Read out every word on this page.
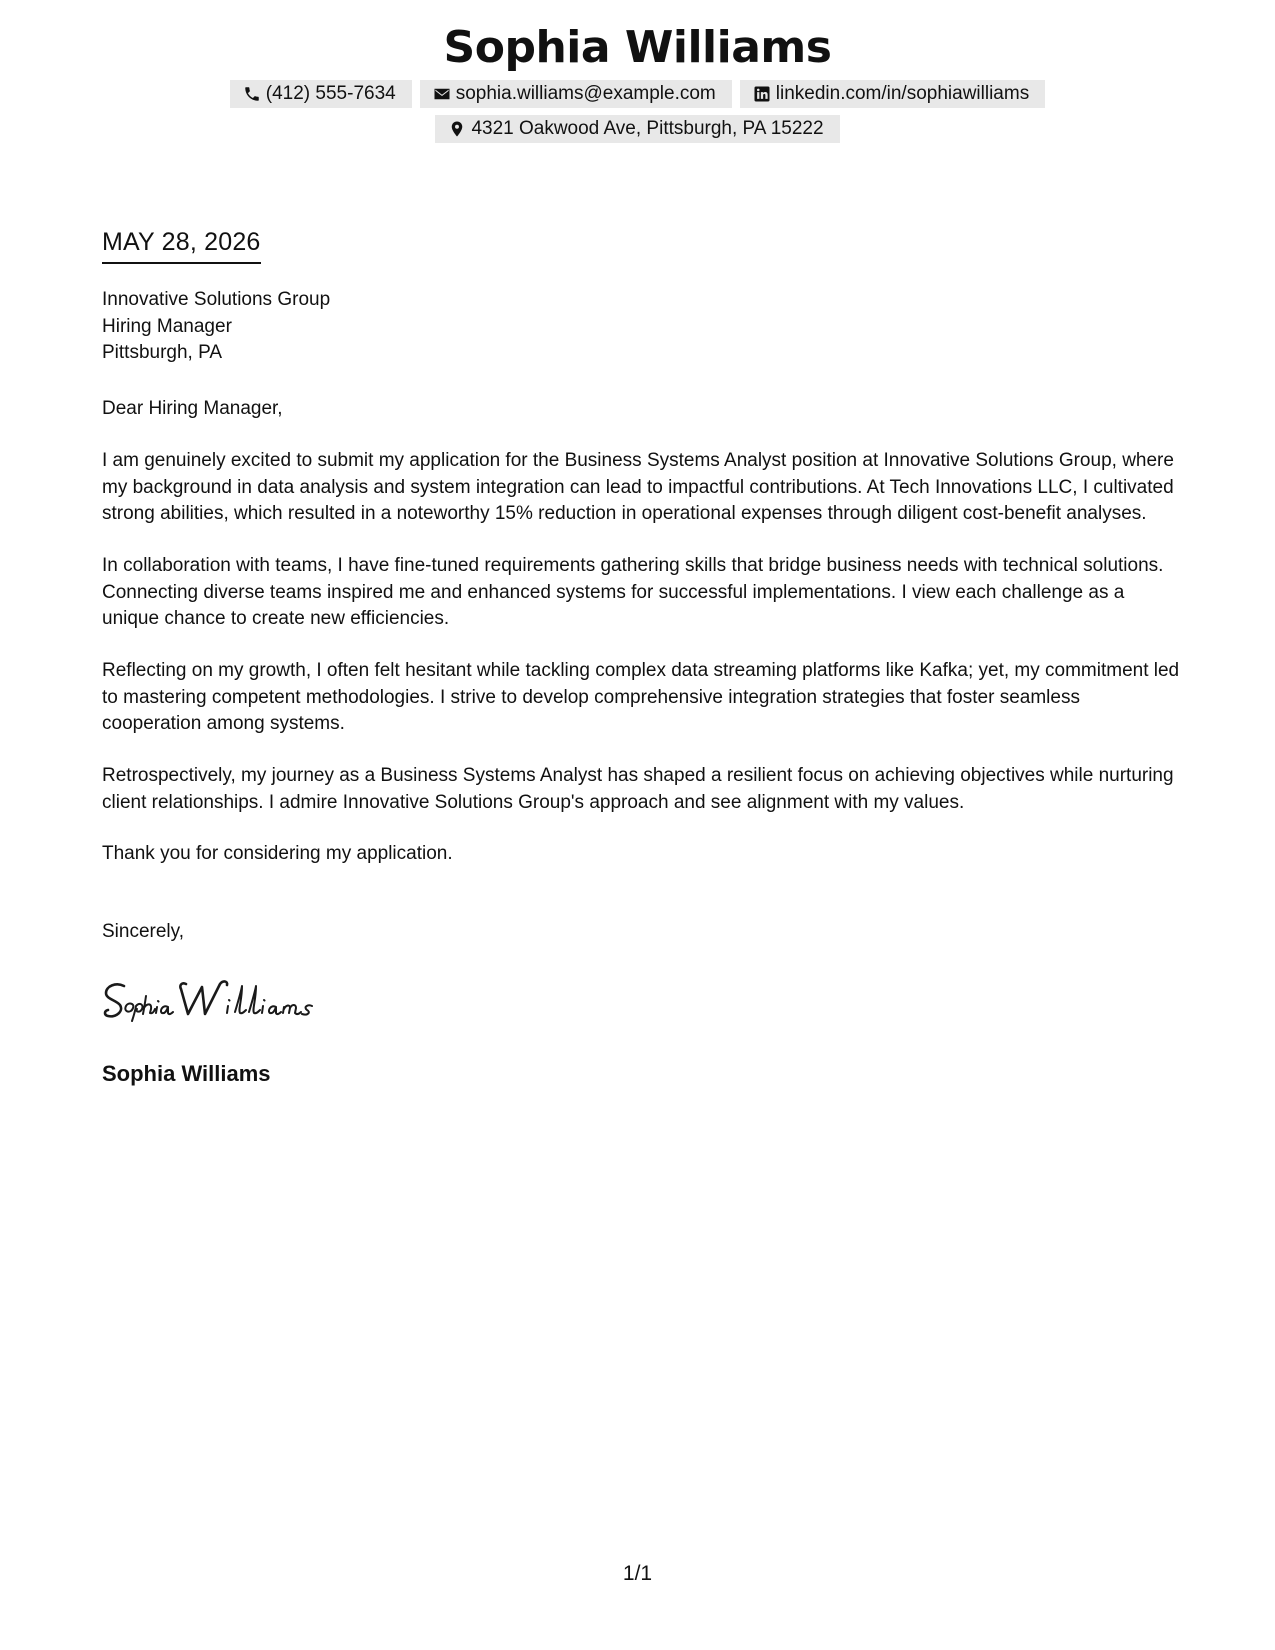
Sophia Williams
(412) 555-7634	sophia.williams@example.com	linkedin.com/in/sophiawilliams
4321 Oakwood Ave, Pittsburgh, PA 15222
MAY 28, 2026
Innovative Solutions Group
Hiring Manager
Pittsburgh, PA
Dear Hiring Manager,
I am genuinely excited to submit my application for the Business Systems Analyst position at Innovative Solutions Group, where my background in data analysis and system integration can lead to impactful contributions. At Tech Innovations LLC, I cultivated strong abilities, which resulted in a noteworthy 15% reduction in operational expenses through diligent cost-benefit analyses.
In collaboration with teams, I have fine-tuned requirements gathering skills that bridge business needs with technical solutions. Connecting diverse teams inspired me and enhanced systems for successful implementations. I view each challenge as a unique chance to create new efficiencies.
Reflecting on my growth, I often felt hesitant while tackling complex data streaming platforms like Kafka; yet, my commitment led to mastering competent methodologies. I strive to develop comprehensive integration strategies that foster seamless cooperation among systems.
Retrospectively, my journey as a Business Systems Analyst has shaped a resilient focus on achieving objectives while nurturing client relationships. I admire Innovative Solutions Group's approach and see alignment with my values.
Thank you for considering my application.
Sincerely,
Sophia Williams
1/1
